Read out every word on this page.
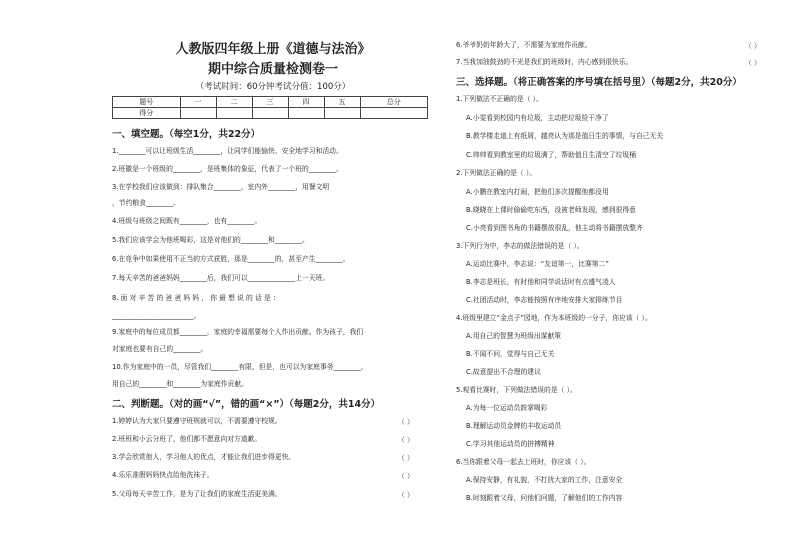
人教版四年级上册《道德与法治》
期中综合质量检测卷一
（考试时间：60分钟考试分值：100分）
题号	一	二	三	四	五	总分
得分						
一、填空题。（每空1分，共22分）
1.________可以让班级生活________，让同学们能愉快、安全地学习和活动。
2.班徽是一个班级的________，是班集体的象征，代表了一个班的________。
3.在学校我们应该做到：排队集合________，室内外________，用餐文明
，节约粮食________。
4.班级与班级之间既有________，也有________。
5.我们应该学会为他班喝彩，这是对他们的________和________。
6.在竞争中如果使用不正当的方式获胜，那是________的，甚至产生________。
7.每天辛苦的爸爸妈妈________后，我们可以______________上一天班。
8. 面 对 辛 苦 的 爸 爸 妈 妈 ， 你 最 想 说 的 话 是 ：
________________________。
9.家庭中的每位成员都________，家庭的幸福需要每个人作出贡献。作为孩子，我们
对家庭也要有自己的________。
10.作为家庭中的一员，尽管我们________有限，但是，也可以为家庭事务________，
用自己的________和________为家庭作贡献。
二、判断题。（对的画“√”，错的画“×”）（每题2分，共14分）
1.婷婷认为大家只要遵守班规就可以，不需要遵守校规。	（ ）
2.班班和小云分班了，他们都不愿意向对方道歉。	（ ）
3.学会欣赏他人，学习他人的优点，才能让我们进步得更快。	（ ）
4.乐乐准假妈妈快点给他洗袜子。	（ ）
5.父母每天辛苦工作，是为了让我们的家庭生活更美满。	（ ）
6.爷爷奶奶年龄大了，不需要为家庭作贡献。	（ ）
7.当我加油鼓劲的不光是我们的班级时，内心感到很快乐。	（ ）
三、选择题。（将正确答案的序号填在括号里）（每题2分，共20分）
1.下列做法不正确的是（ ）。
A.小雯看到校园内有垃圾，主动把垃圾捡干净了
B.教学楼走道上有纸屑，越亮认为那是值日生的事情，与自己无关
C.帅帅看到教室里的垃圾满了，帮助值日生清空了垃圾桶
2.下列做法正确的是（ ）。
A.小鹏在教室内打闹，把他们多次提醒他都没用
B.晓晓在上课时偷偷吃东西，没被老师发现，感到很得意
C.小亮看到图书角的书籍摆放很乱，他主动将书籍摆放整齐
3.下列行为中，李志的做法错误的是（ ）。
A.运动比赛中，李志说：“友谊第一，比赛第二”
B.李志是班长，有时他和同学说话时有点盛气凌人
C.社团活动时，李志能按照有序地安排大家排练节目
4.班级里建立“金点子”园地，作为本班级的一分子，你应该（ ）。
A.用自己的智慧为班级出谋献策
B.不闻不问，觉得与自己无关
C.故意提出不合理的建议
5.观看比赛时，下列做法错误的是（ ）。
A.为每一位运动员鼓掌喝彩
B.理解运动员金牌的丰收运动员
C.学习其他运动员的拼搏精神
6.当你跟着父母一起去上班时，你应该（ ）。
A.保持安静，有礼貌，不打扰大家的工作，注意安全
B.时刻跟着父母，问他们问题，了解他们的工作内容
